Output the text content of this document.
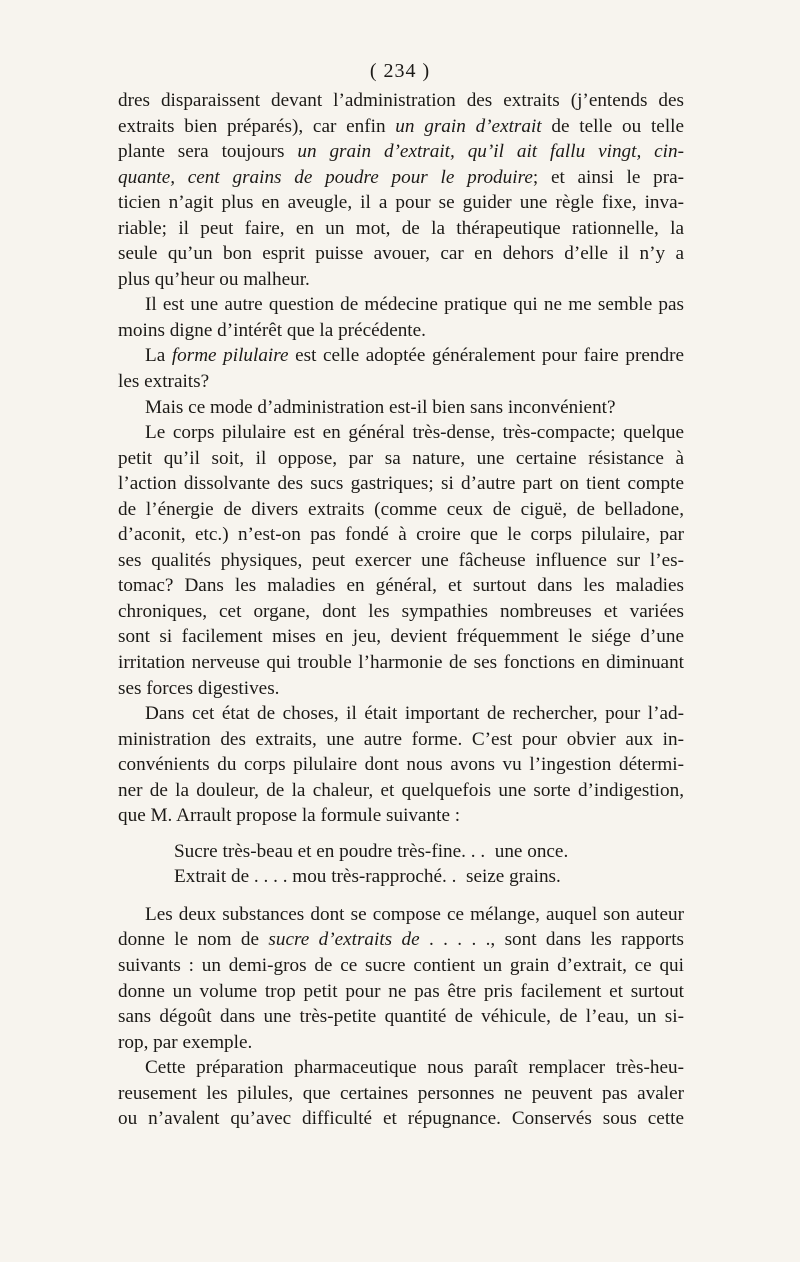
( 234 )

dres disparaissent devant l’administration des extraits (j’entends des

extraits bien préparés), car enfin un grain d’extrait de telle ou telle

plante sera toujours un grain d’extrait, qu’il ait fallu vingt, cin-

quante, cent grains de poudre pour le produire; et ainsi le pra-

ticien n’agit plus en aveugle, il a pour se guider une règle fixe, inva-

riable; il peut faire, en un mot, de la thérapeutique rationnelle, la

seule qu’un bon esprit puisse avouer, car en dehors d’elle il n’y a

plus qu’heur ou malheur.

Il est une autre question de médecine pratique qui ne me semble pas

moins digne d’intérêt que la précédente.

La forme pilulaire est celle adoptée généralement pour faire prendre

les extraits?

Mais ce mode d’administration est-il bien sans inconvénient?

Le corps pilulaire est en général très-dense, très-compacte; quelque

petit qu’il soit, il oppose, par sa nature, une certaine résistance à

l’action dissolvante des sucs gastriques; si d’autre part on tient compte

de l’énergie de divers extraits (comme ceux de ciguë, de belladone,

d’aconit, etc.) n’est-on pas fondé à croire que le corps pilulaire, par

ses qualités physiques, peut exercer une fâcheuse influence sur l’es-

tomac? Dans les maladies en général, et surtout dans les maladies

chroniques, cet organe, dont les sympathies nombreuses et variées

sont si facilement mises en jeu, devient fréquemment le siége d’une

irritation nerveuse qui trouble l’harmonie de ses fonctions en diminuant

ses forces digestives.

Dans cet état de choses, il était important de rechercher, pour l’ad-

ministration des extraits, une autre forme. C’est pour obvier aux in-

convénients du corps pilulaire dont nous avons vu l’ingestion détermi-

ner de la douleur, de la chaleur, et quelquefois une sorte d’indigestion,

que M. Arrault propose la formule suivante :

Sucre très-beau et en poudre très-fine. . .  une once.
Extrait de . . . . mou très-rapproché. .  seize grains.

Les deux substances dont se compose ce mélange, auquel son auteur

donne le nom de sucre d’extraits de . . . . ., sont dans les rapports

suivants : un demi-gros de ce sucre contient un grain d’extrait, ce qui

donne un volume trop petit pour ne pas être pris facilement et surtout

sans dégoût dans une très-petite quantité de véhicule, de l’eau, un si-

rop, par exemple.

Cette préparation pharmaceutique nous paraît remplacer très-heu-

reusement les pilules, que certaines personnes ne peuvent pas avaler

ou n’avalent qu’avec difficulté et répugnance. Conservés sous cette
